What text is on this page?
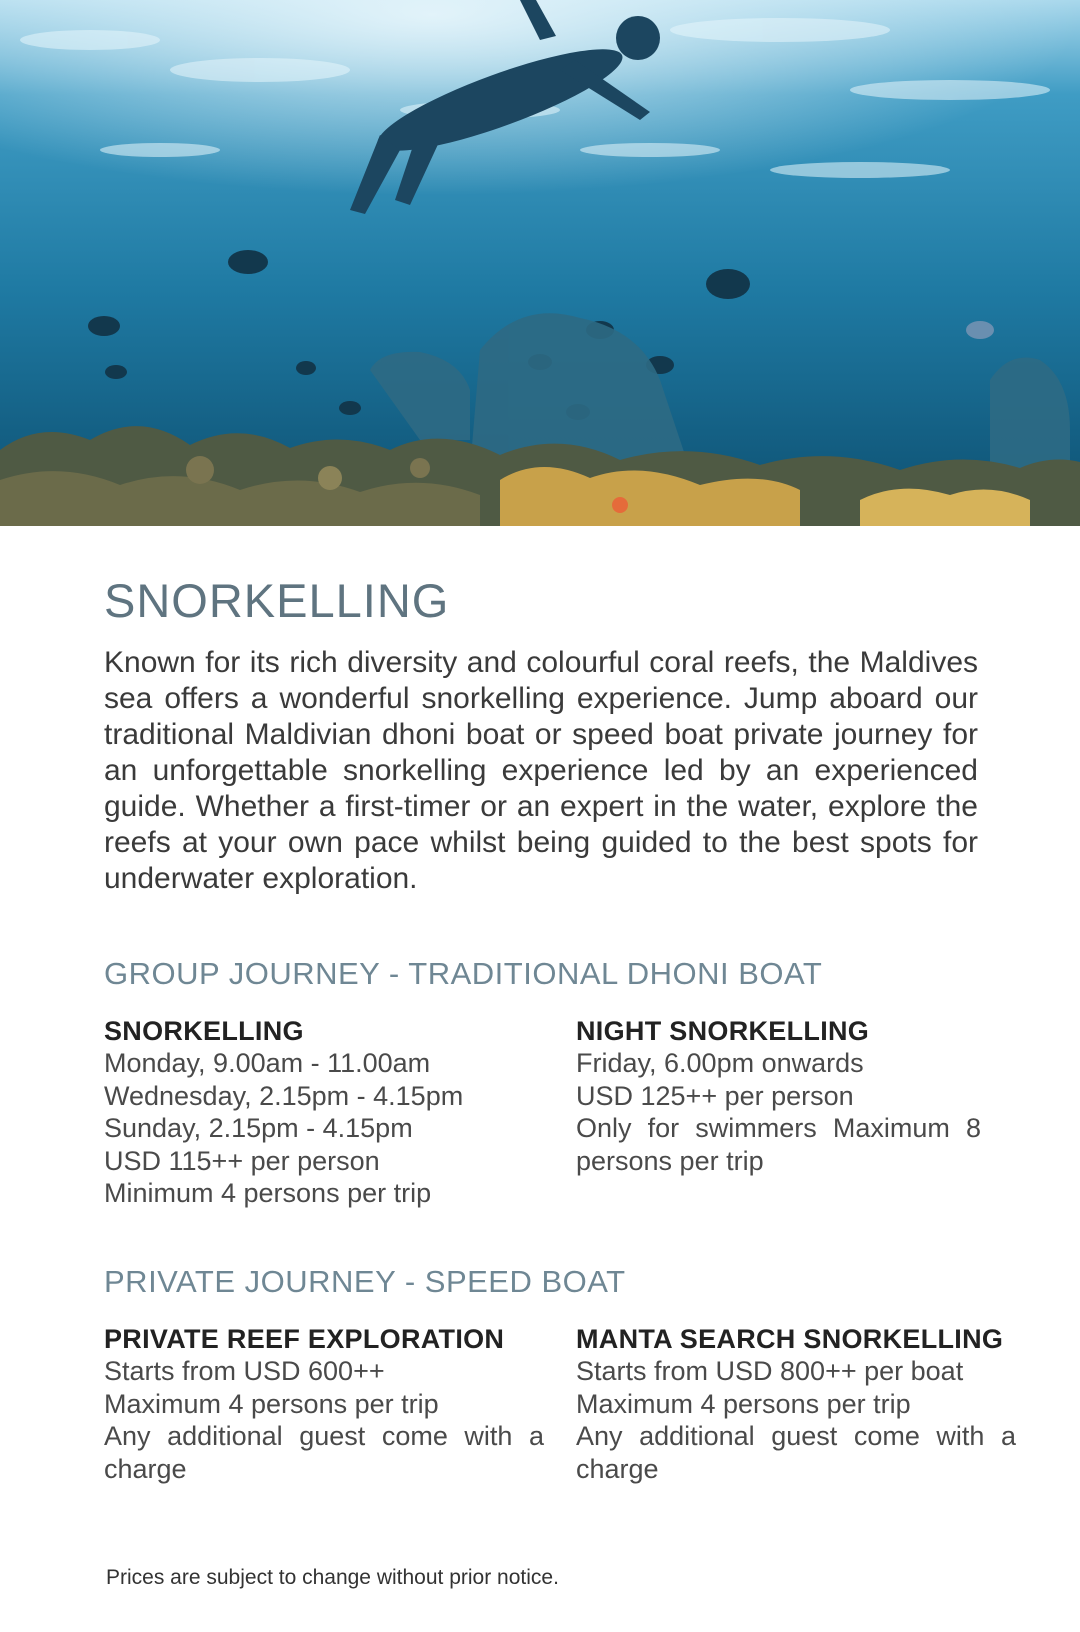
SNORKELLING

Known for its rich diversity and colourful coral reefs, the Maldives sea offers a wonderful snorkelling experience. Jump aboard our traditional Maldivian dhoni boat or speed boat private journey for an unforgettable snorkelling experience led by an experienced guide. Whether a first-timer or an expert in the water, explore the reefs at your own pace whilst being guided to the best spots for underwater exploration.

GROUP JOURNEY - TRADITIONAL DHONI BOAT
SNORKELLING

Monday, 9.00am - 11.00am

Wednesday, 2.15pm - 4.15pm

Sunday, 2.15pm - 4.15pm

USD 115++ per person

Minimum 4 persons per trip

NIGHT SNORKELLING

Friday, 6.00pm onwards

USD 125++ per person

Only for swimmers Maximum 8 persons per trip

PRIVATE JOURNEY - SPEED BOAT
PRIVATE REEF EXPLORATION

Starts from USD 600++

Maximum 4 persons per trip

Any additional guest come with a charge

MANTA SEARCH SNORKELLING

Starts from USD 800++ per boat

Maximum 4 persons per trip

Any additional guest come with a charge

Prices are subject to change without prior notice.
